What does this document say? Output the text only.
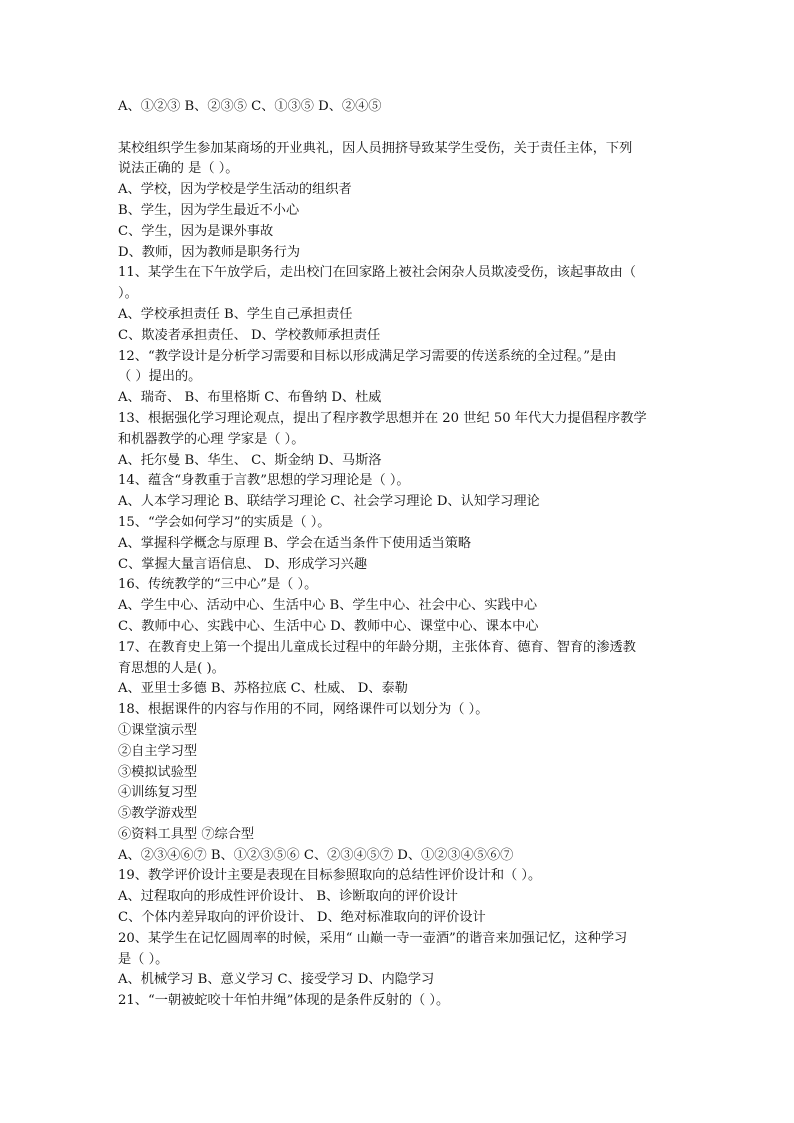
A、①②③ B、②③⑤ C、①③⑤ D、②④⑤
某校组织学生参加某商场的开业典礼，因人员拥挤导致某学生受伤，关于责任主体，下列
说法正确的 是（ ）。
A、学校，因为学校是学生活动的组织者
B、学生，因为学生最近不小心
C、学生，因为是课外事故
D、教师，因为教师是职务行为
11、某学生在下午放学后，走出校门在回家路上被社会闲杂人员欺凌受伤，该起事故由（
）。
A、学校承担责任 B、学生自己承担责任
C、欺凌者承担责任、 D、学校教师承担责任
12、“教学设计是分析学习需要和目标以形成满足学习需要的传送系统的全过程。”是由
（ ）提出的。
A、瑞奇、 B、布里格斯 C、布鲁纳 D、杜威
13、根据强化学习理论观点，提出了程序教学思想并在 20 世纪 50 年代大力提倡程序教学
和机器教学的心理 学家是（ ）。
A、托尔曼 B、华生、 C、斯金纳 D、马斯洛
14、蕴含“身教重于言教”思想的学习理论是（ ）。
A、人本学习理论 B、联结学习理论 C、社会学习理论 D、认知学习理论
15、“学会如何学习”的实质是（ ）。
A、掌握科学概念与原理 B、学会在适当条件下使用适当策略
C、掌握大量言语信息、 D、形成学习兴趣
16、传统教学的“三中心”是（ ）。
A、学生中心、活动中心、生活中心 B、学生中心、社会中心、实践中心
C、教师中心、实践中心、生活中心 D、教师中心、课堂中心、课本中心
17、在教育史上第一个提出儿童成长过程中的年龄分期，主张体育、德育、智育的渗透教
育思想的人是( )。
A、亚里士多德 B、苏格拉底 C、杜威、 D、泰勒
18、根据课件的内容与作用的不同，网络课件可以划分为（ ）。
①课堂演示型
②自主学习型
③模拟试验型
④训练复习型
⑤教学游戏型
⑥资料工具型 ⑦综合型
A、②③④⑥⑦ B、①②③⑤⑥ C、②③④⑤⑦ D、①②③④⑤⑥⑦
19、教学评价设计主要是表现在目标参照取向的总结性评价设计和（ ）。
A、过程取向的形成性评价设计、 B、诊断取向的评价设计
C、个体内差异取向的评价设计、 D、绝对标准取向的评价设计
20、某学生在记忆圆周率的时候，采用“ 山巅一寺一壶酒”的谐音来加强记忆，这种学习
是（ ）。
A、机械学习 B、意义学习 C、接受学习 D、内隐学习
21、“一朝被蛇咬十年怕井绳”体现的是条件反射的（ ）。
